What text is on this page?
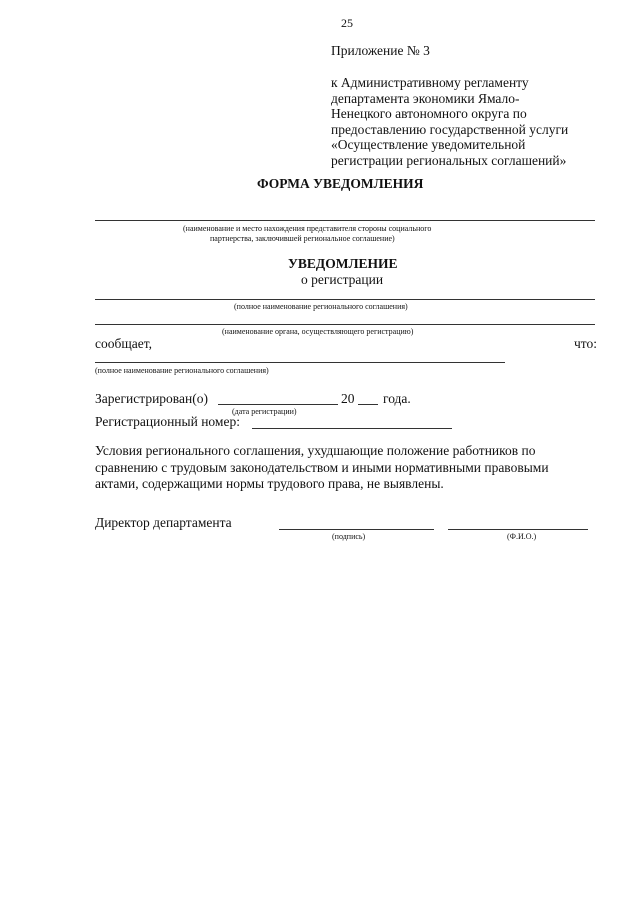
25
Приложение № 3
к Административному регламенту
департамента экономики Ямало-
Ненецкого автономного округа по
предоставлению государственной услуги
«Осуществление уведомительной
регистрации региональных соглашений»
ФОРМА УВЕДОМЛЕНИЯ
(наименование и место нахождения представителя стороны социального
партнерства, заключившей региональное соглашение)
УВЕДОМЛЕНИЕ
о регистрации
(полное наименование регионального соглашения)
(наименование органа, осуществляющего регистрацию)
сообщает,	что:
(полное наименование регионального соглашения)
Зарегистрирован(о)	20 года.
(дата регистрации)
Регистрационный номер:
Условия регионального соглашения, ухудшающие положение работников по
сравнению с трудовым законодательством и иными нормативными правовыми
актами, содержащими нормы трудового права, не выявлены.
Директор департамента
(подпись)	(Ф.И.О.)
